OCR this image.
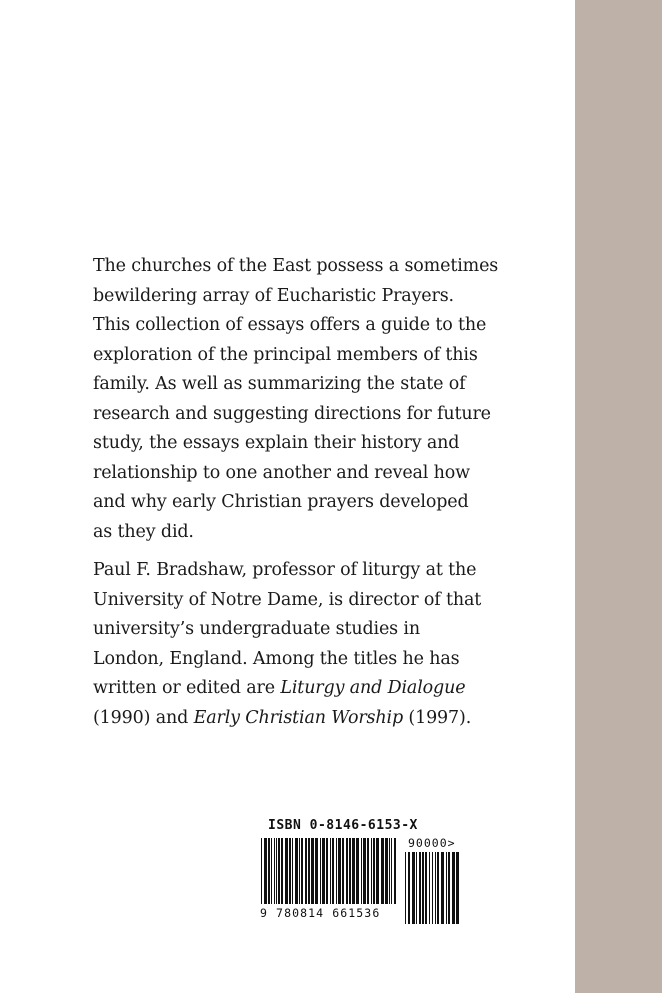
The churches of the East possess a sometimes
bewildering array of Eucharistic Prayers.
This collection of essays offers a guide to the
exploration of the principal members of this
family. As well as summarizing the state of
research and suggesting directions for future
study, the essays explain their history and
relationship to one another and reveal how
and why early Christian prayers developed
as they did.

Paul F. Bradshaw, professor of liturgy at the
University of Notre Dame, is director of that
university’s undergraduate studies in
London, England. Among the titles he has
written or edited are Liturgy and Dialogue
(1990) and Early Christian Worship (1997).

ISBN 0-8146-6153-X
9 780814 661536
90000>
